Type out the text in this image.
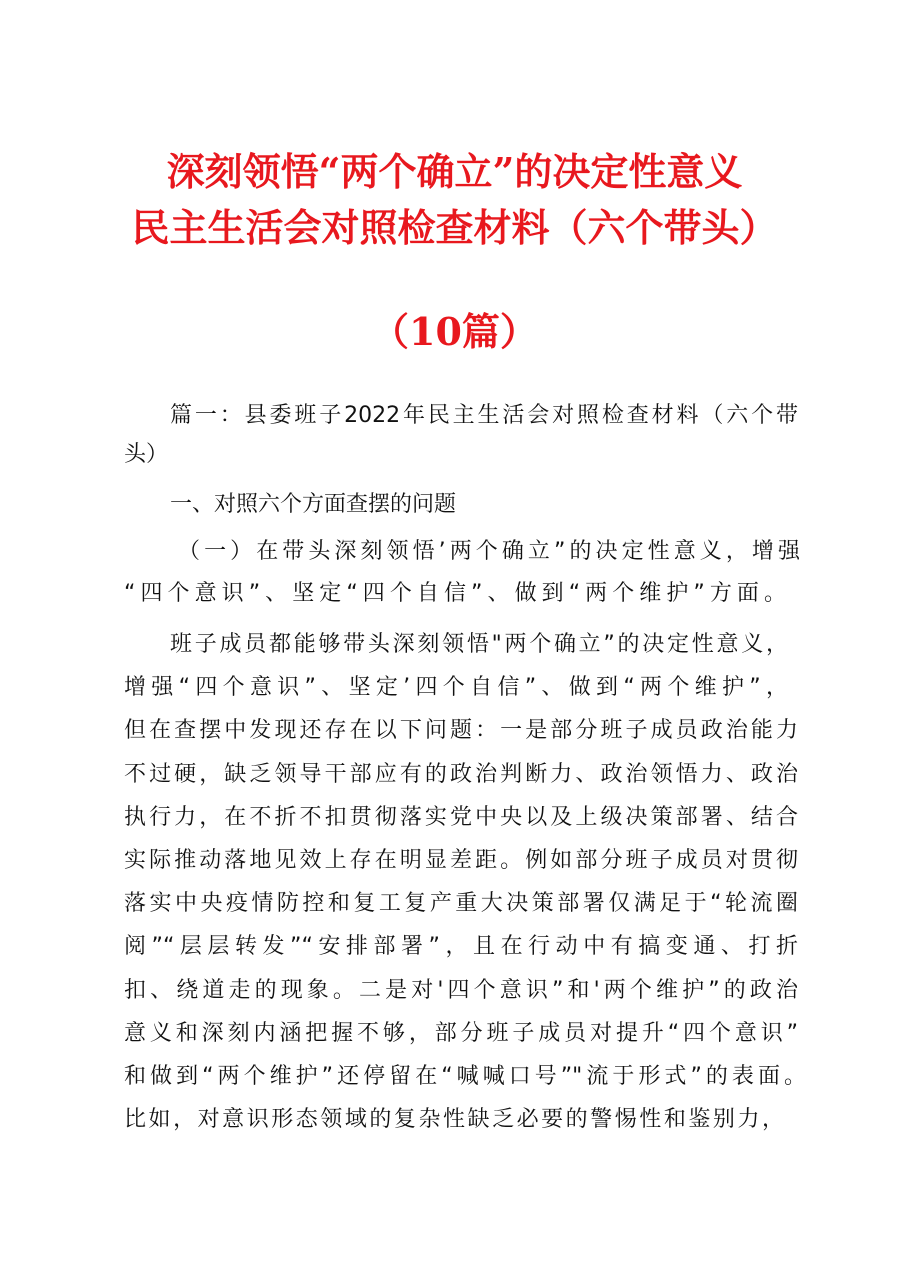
深刻领悟“两个确立”的决定性意义
民主生活会对照检查材料（六个带头）
（10篇）
篇一：县委班子2022年民主生活会对照检查材料（六个带
头）
一、对照六个方面查摆的问题
（一）在带头深刻领悟’两个确立”的决定性意义，增强
“四个意识”、坚定“四个自信”、做到“两个维护”方面。
班子成员都能够带头深刻领悟"两个确立”的决定性意义，
增强“四个意识”、坚定’四个自信”、做到“两个维护”，
但在查摆中发现还存在以下问题：一是部分班子成员政治能力
不过硬，缺乏领导干部应有的政治判断力、政治领悟力、政治
执行力，在不折不扣贯彻落实党中央以及上级决策部署、结合
实际推动落地见效上存在明显差距。例如部分班子成员对贯彻
落实中央疫情防控和复工复产重大决策部署仅满足于“轮流圈
阅”“层层转发”“安排部署”，且在行动中有搞变通、打折
扣、绕道走的现象。二是对'四个意识”和'两个维护”的政治
意义和深刻内涵把握不够，部分班子成员对提升“四个意识”
和做到“两个维护”还停留在“喊喊口号”"流于形式”的表面。
比如，对意识形态领域的复杂性缺乏必要的警惕性和鉴别力，
